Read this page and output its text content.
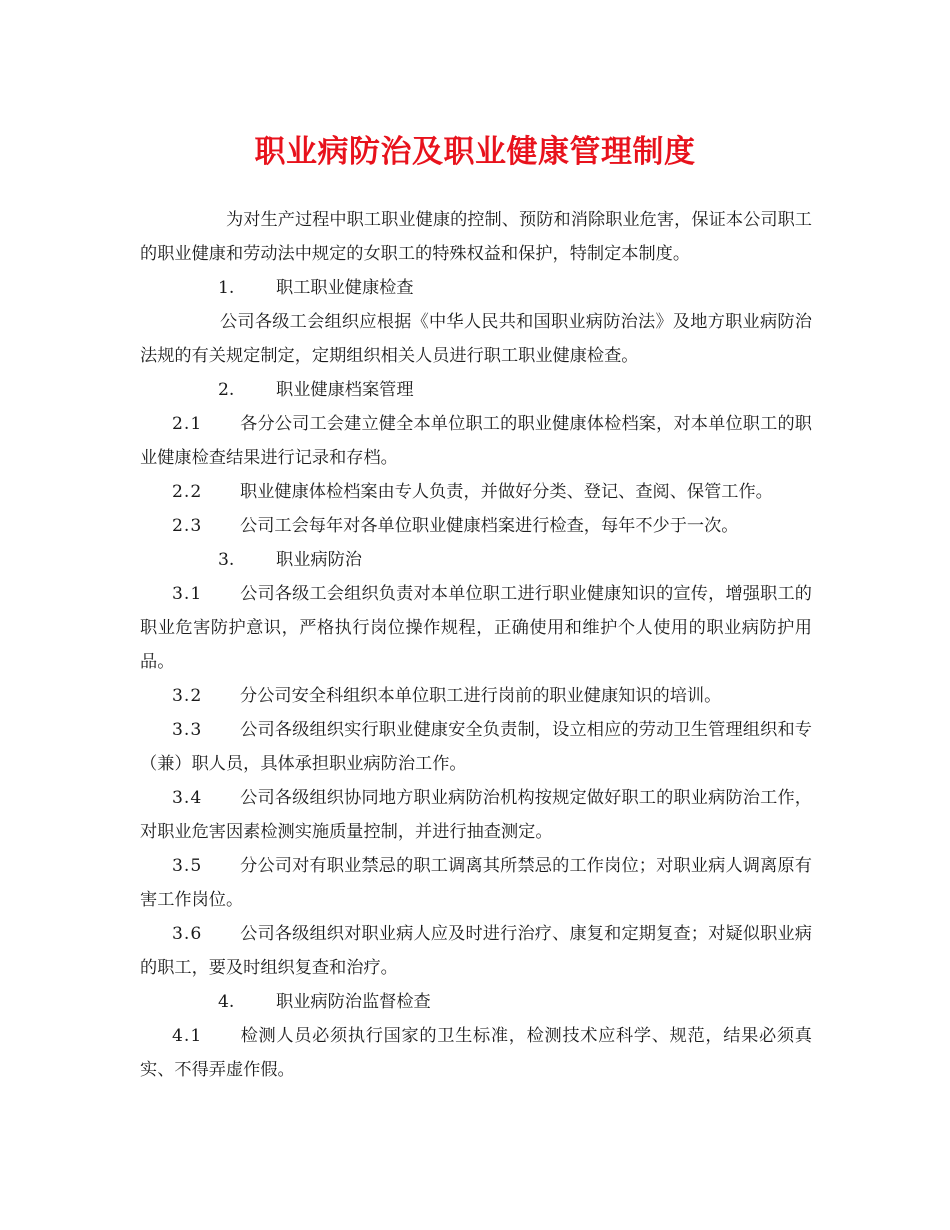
职业病防治及职业健康管理制度

为对生产过程中职工职业健康的控制、预防和消除职业危害，保证本公司职工的职业健康和劳动法中规定的女职工的特殊权益和保护，特制定本制度。

1. 职工职业健康检查

公司各级工会组织应根据《中华人民共和国职业病防治法》及地方职业病防治法规的有关规定制定，定期组织相关人员进行职工职业健康检查。

2. 职业健康档案管理

2.1 各分公司工会建立健全本单位职工的职业健康体检档案，对本单位职工的职业健康检查结果进行记录和存档。

2.2 职业健康体检档案由专人负责，并做好分类、登记、查阅、保管工作。

2.3 公司工会每年对各单位职业健康档案进行检查，每年不少于一次。

3. 职业病防治

3.1 公司各级工会组织负责对本单位职工进行职业健康知识的宣传，增强职工的职业危害防护意识，严格执行岗位操作规程，正确使用和维护个人使用的职业病防护用品。

3.2 分公司安全科组织本单位职工进行岗前的职业健康知识的培训。

3.3 公司各级组织实行职业健康安全负责制，设立相应的劳动卫生管理组织和专（兼）职人员，具体承担职业病防治工作。

3.4 公司各级组织协同地方职业病防治机构按规定做好职工的职业病防治工作，对职业危害因素检测实施质量控制，并进行抽查测定。

3.5 分公司对有职业禁忌的职工调离其所禁忌的工作岗位；对职业病人调离原有害工作岗位。

3.6 公司各级组织对职业病人应及时进行治疗、康复和定期复查；对疑似职业病的职工，要及时组织复查和治疗。

4. 职业病防治监督检查

4.1 检测人员必须执行国家的卫生标准，检测技术应科学、规范，结果必须真实、不得弄虚作假。
